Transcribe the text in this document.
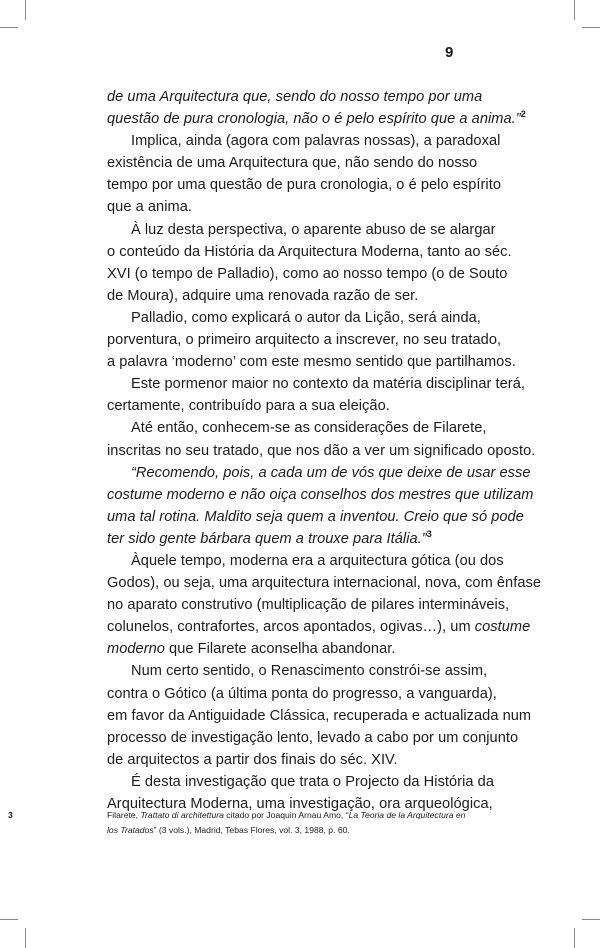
9
de uma Arquitectura que, sendo do nosso tempo por uma
questão de pura cronologia, não o é pelo espírito que a anima.”$^2$
Implica, ainda (agora com palavras nossas), a paradoxal
existência de uma Arquitectura que, não sendo do nosso
tempo por uma questão de pura cronologia, o é pelo espírito
que a anima.
À luz desta perspectiva, o aparente abuso de se alargar
o conteúdo da História da Arquitectura Moderna, tanto ao séc.
XVI (o tempo de Palladio), como ao nosso tempo (o de Souto
de Moura), adquire uma renovada razão de ser.
Palladio, como explicará o autor da Lição, será ainda,
porventura, o primeiro arquitecto a inscrever, no seu tratado,
a palavra ‘moderno’ com este mesmo sentido que partilhamos.
Este pormenor maior no contexto da matéria disciplinar terá,
certamente, contribuído para a sua eleição.
Até então, conhecem-se as considerações de Filarete,
inscritas no seu tratado, que nos dão a ver um significado oposto.
“Recomendo, pois, a cada um de vós que deixe de usar esse
costume moderno e não oiça conselhos dos mestres que utilizam
uma tal rotina. Maldito seja quem a inventou. Creio que só pode
ter sido gente bárbara quem a trouxe para Itália.”$^3$
Àquele tempo, moderna era a arquitectura gótica (ou dos
Godos), ou seja, uma arquitectura internacional, nova, com ênfase
no aparato construtivo (multiplicação de pilares intermináveis,
colunelos, contrafortes, arcos apontados, ogivas…), um costume
moderno que Filarete aconselha abandonar.
Num certo sentido, o Renascimento constrói-se assim,
contra o Gótico (a última ponta do progresso, a vanguarda),
em favor da Antiguidade Clássica, recuperada e actualizada num
processo de investigação lento, levado a cabo por um conjunto
de arquitectos a partir dos finais do séc. XIV.
É desta investigação que trata o Projecto da História da
Arquitectura Moderna, uma investigação, ora arqueológica,
3	Filarete, Trattato di architettura citado por Joaquin Arnau Amo, “La Teoria de la Arquitectura en
los Tratados” (3 vols.), Madrid, Tebas Flores, vol. 3, 1988, p. 60.
